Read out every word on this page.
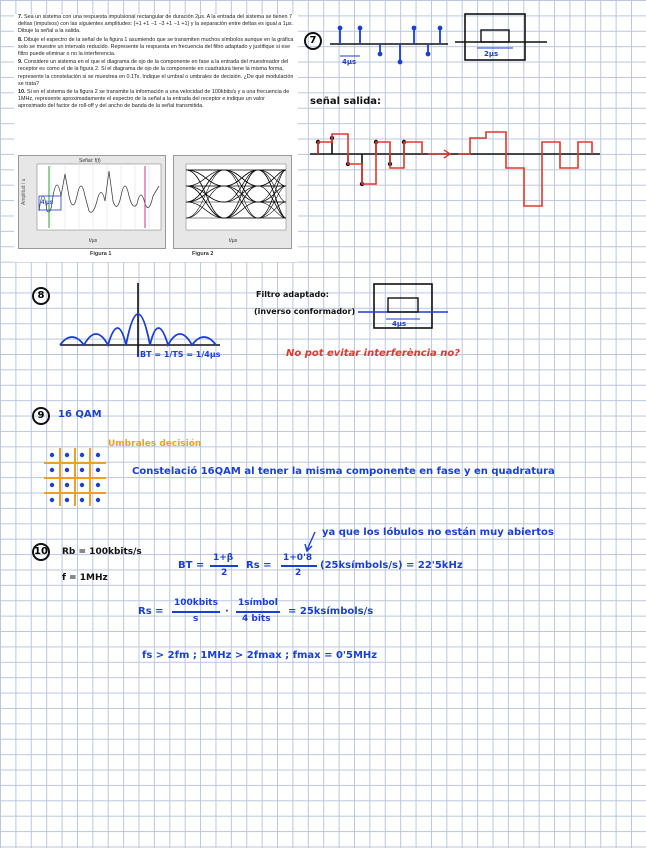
7. Sea un sistema con una respuesta impulsional rectangular de duración 2μs. A la entrada del sistema se tienen 7 deltas (impulsos) con las siguientes amplitudes: {+1 +1 −1 −3 +1 −1 +1} y la separación entre deltas es igual a 1μs. Dibuje la señal a la salida.

8. Dibuje el espectro de la señal de la figura 1 asumiendo que se transmiten muchos símbolos aunque en la gráfica solo se muestre un intervalo reducido. Represente la respuesta en frecuencia del filtro adaptado y justifique si ese filtro puede eliminar o no la interferencia.

9. Considere un sistema en el que el diagrama de ojo de la componente en fase a la entrada del muestreador del receptor es como el de la figura 2. Si el diagrama de ojo de la componente en cuadratura tiene la misma forma, represente la constelación si se muestrea en 0.1Ts. Indique el umbral o umbrales de decisión. ¿De qué modulación se trata?

10. Si en el sistema de la figura 2 se transmite la información a una velocidad de 100kbits/s y a una frecuencia de 1MHz, represente aproximadamente el espectro de la señal a la entrada del receptor e indique un valor aproximado del factor de roll-off y del ancho de banda de la señal transmitida.

Amplitud / u
t/μs
Señal: f(t)
4 μs
t/μs
Figura 1	Figura 2
7
4μs
2μs
señal salida:
8
BT = 1/TS = 1/4μs
Filtro adaptado:
(inverso conformador)
4μs
No pot evitar interferència no?
9	16 QAM
Umbrales decisión
Constelació 16QAM al tener la misma componente en fase y en quadratura
10 Rb = 100kbits/s
f = 1MHz
ya que los lóbulos no están muy abiertos
BT =
1+β
2
Rs =
1+0'8
2
(25ksímbols/s) = 22'5kHz
Rs =
100kbits
s
·
1símbol
4 bits
= 25ksímbols/s
fs > 2fm ; 1MHz > 2fmax ; fmax = 0'5MHz
